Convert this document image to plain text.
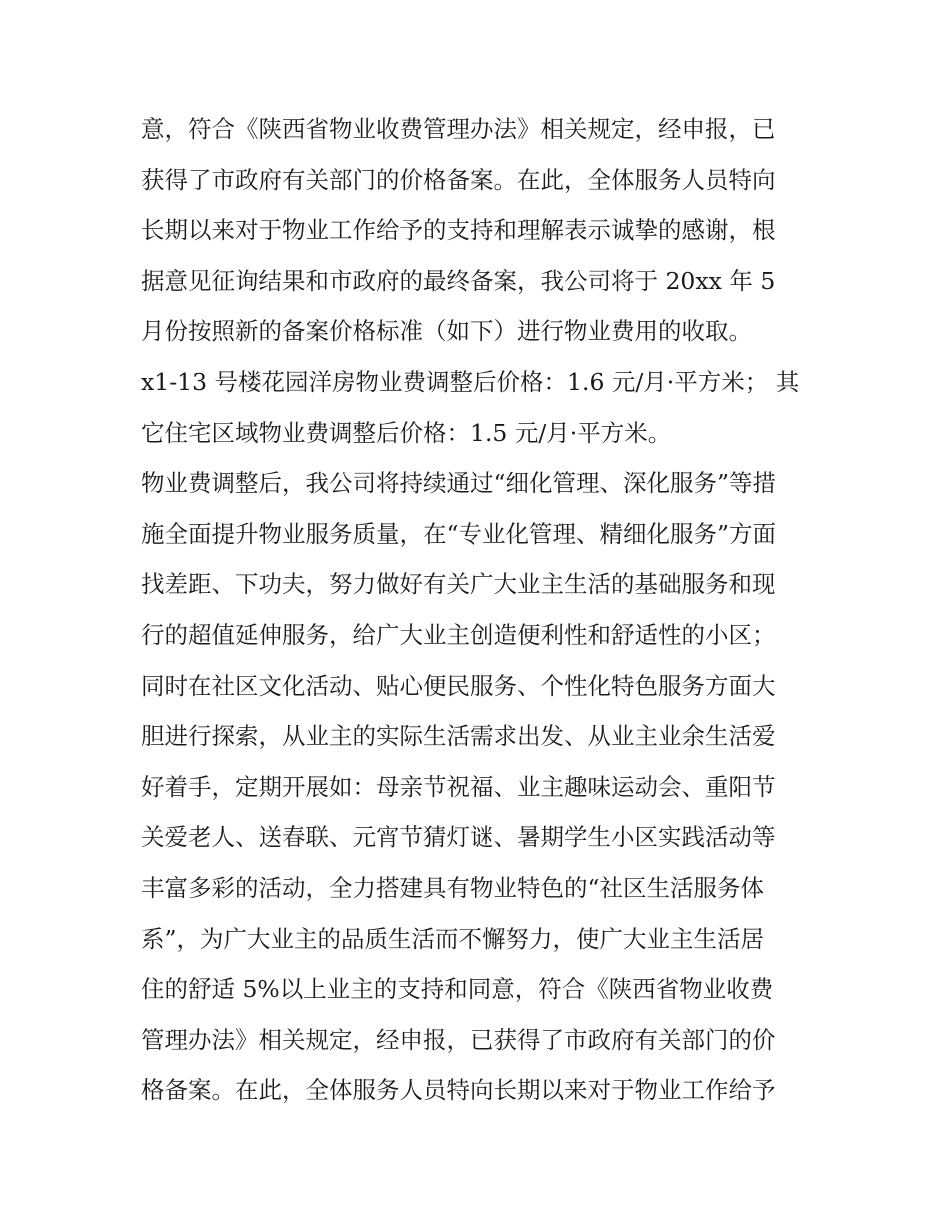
意，符合《陕西省物业收费管理办法》相关规定，经申报，已
获得了市政府有关部门的价格备案。在此，全体服务人员特向
长期以来对于物业工作给予的支持和理解表示诚挚的感谢，根
据意见征询结果和市政府的最终备案，我公司将于 20xx 年 5
月份按照新的备案价格标准（如下）进行物业费用的收取。
x1-13 号楼花园洋房物业费调整后价格：1.6 元/月·平方米； 其
它住宅区域物业费调整后价格：1.5 元/月·平方米。
物业费调整后，我公司将持续通过“细化管理、深化服务”等措
施全面提升物业服务质量，在“专业化管理、精细化服务”方面
找差距、下功夫，努力做好有关广大业主生活的基础服务和现
行的超值延伸服务，给广大业主创造便利性和舒适性的小区；
同时在社区文化活动、贴心便民服务、个性化特色服务方面大
胆进行探索，从业主的实际生活需求出发、从业主业余生活爱
好着手，定期开展如：母亲节祝福、业主趣味运动会、重阳节
关爱老人、送春联、元宵节猜灯谜、暑期学生小区实践活动等
丰富多彩的活动，全力搭建具有物业特色的“社区生活服务体
系”，为广大业主的品质生活而不懈努力，使广大业主生活居
住的舒适 5%以上业主的支持和同意，符合《陕西省物业收费
管理办法》相关规定，经申报，已获得了市政府有关部门的价
格备案。在此，全体服务人员特向长期以来对于物业工作给予
